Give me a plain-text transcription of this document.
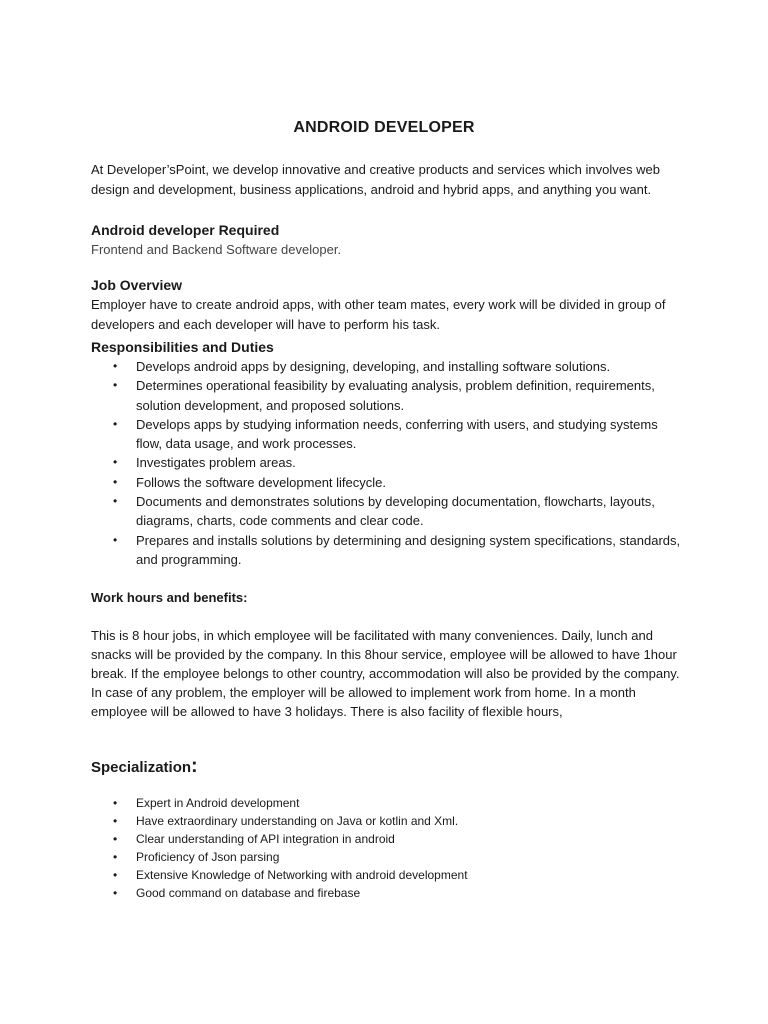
ANDROID DEVELOPER

At Developer’sPoint, we develop innovative and creative products and services which involves web design and development, business applications, android and hybrid apps, and anything you want.

Android developer Required

Frontend and Backend Software developer.

Job Overview

Employer have to create android apps, with other team mates, every work will be divided in group of developers and each developer will have to perform his task.

Responsibilities and Duties
• Develops android apps by designing, developing, and installing software solutions.
• Determines operational feasibility by evaluating analysis, problem definition, requirements, solution development, and proposed solutions.
• Develops apps by studying information needs, conferring with users, and studying systems flow, data usage, and work processes.
• Investigates problem areas.
• Follows the software development lifecycle.
• Documents and demonstrates solutions by developing documentation, flowcharts, layouts, diagrams, charts, code comments and clear code.
• Prepares and installs solutions by determining and designing system specifications, standards, and programming.

Work hours and benefits:

This is 8 hour jobs, in which employee will be facilitated with many conveniences. Daily, lunch and snacks will be provided by the company. In this 8hour service, employee will be allowed to have 1hour break. If the employee belongs to other country, accommodation will also be provided by the company. In case of any problem, the employer will be allowed to implement work from home. In a month employee will be allowed to have 3 holidays. There is also facility of flexible hours,

Specialization:
• Expert in Android development
• Have extraordinary understanding on Java or kotlin and Xml.
• Clear understanding of API integration in android
• Proficiency of Json parsing
• Extensive Knowledge of Networking with android development
• Good command on database and firebase
